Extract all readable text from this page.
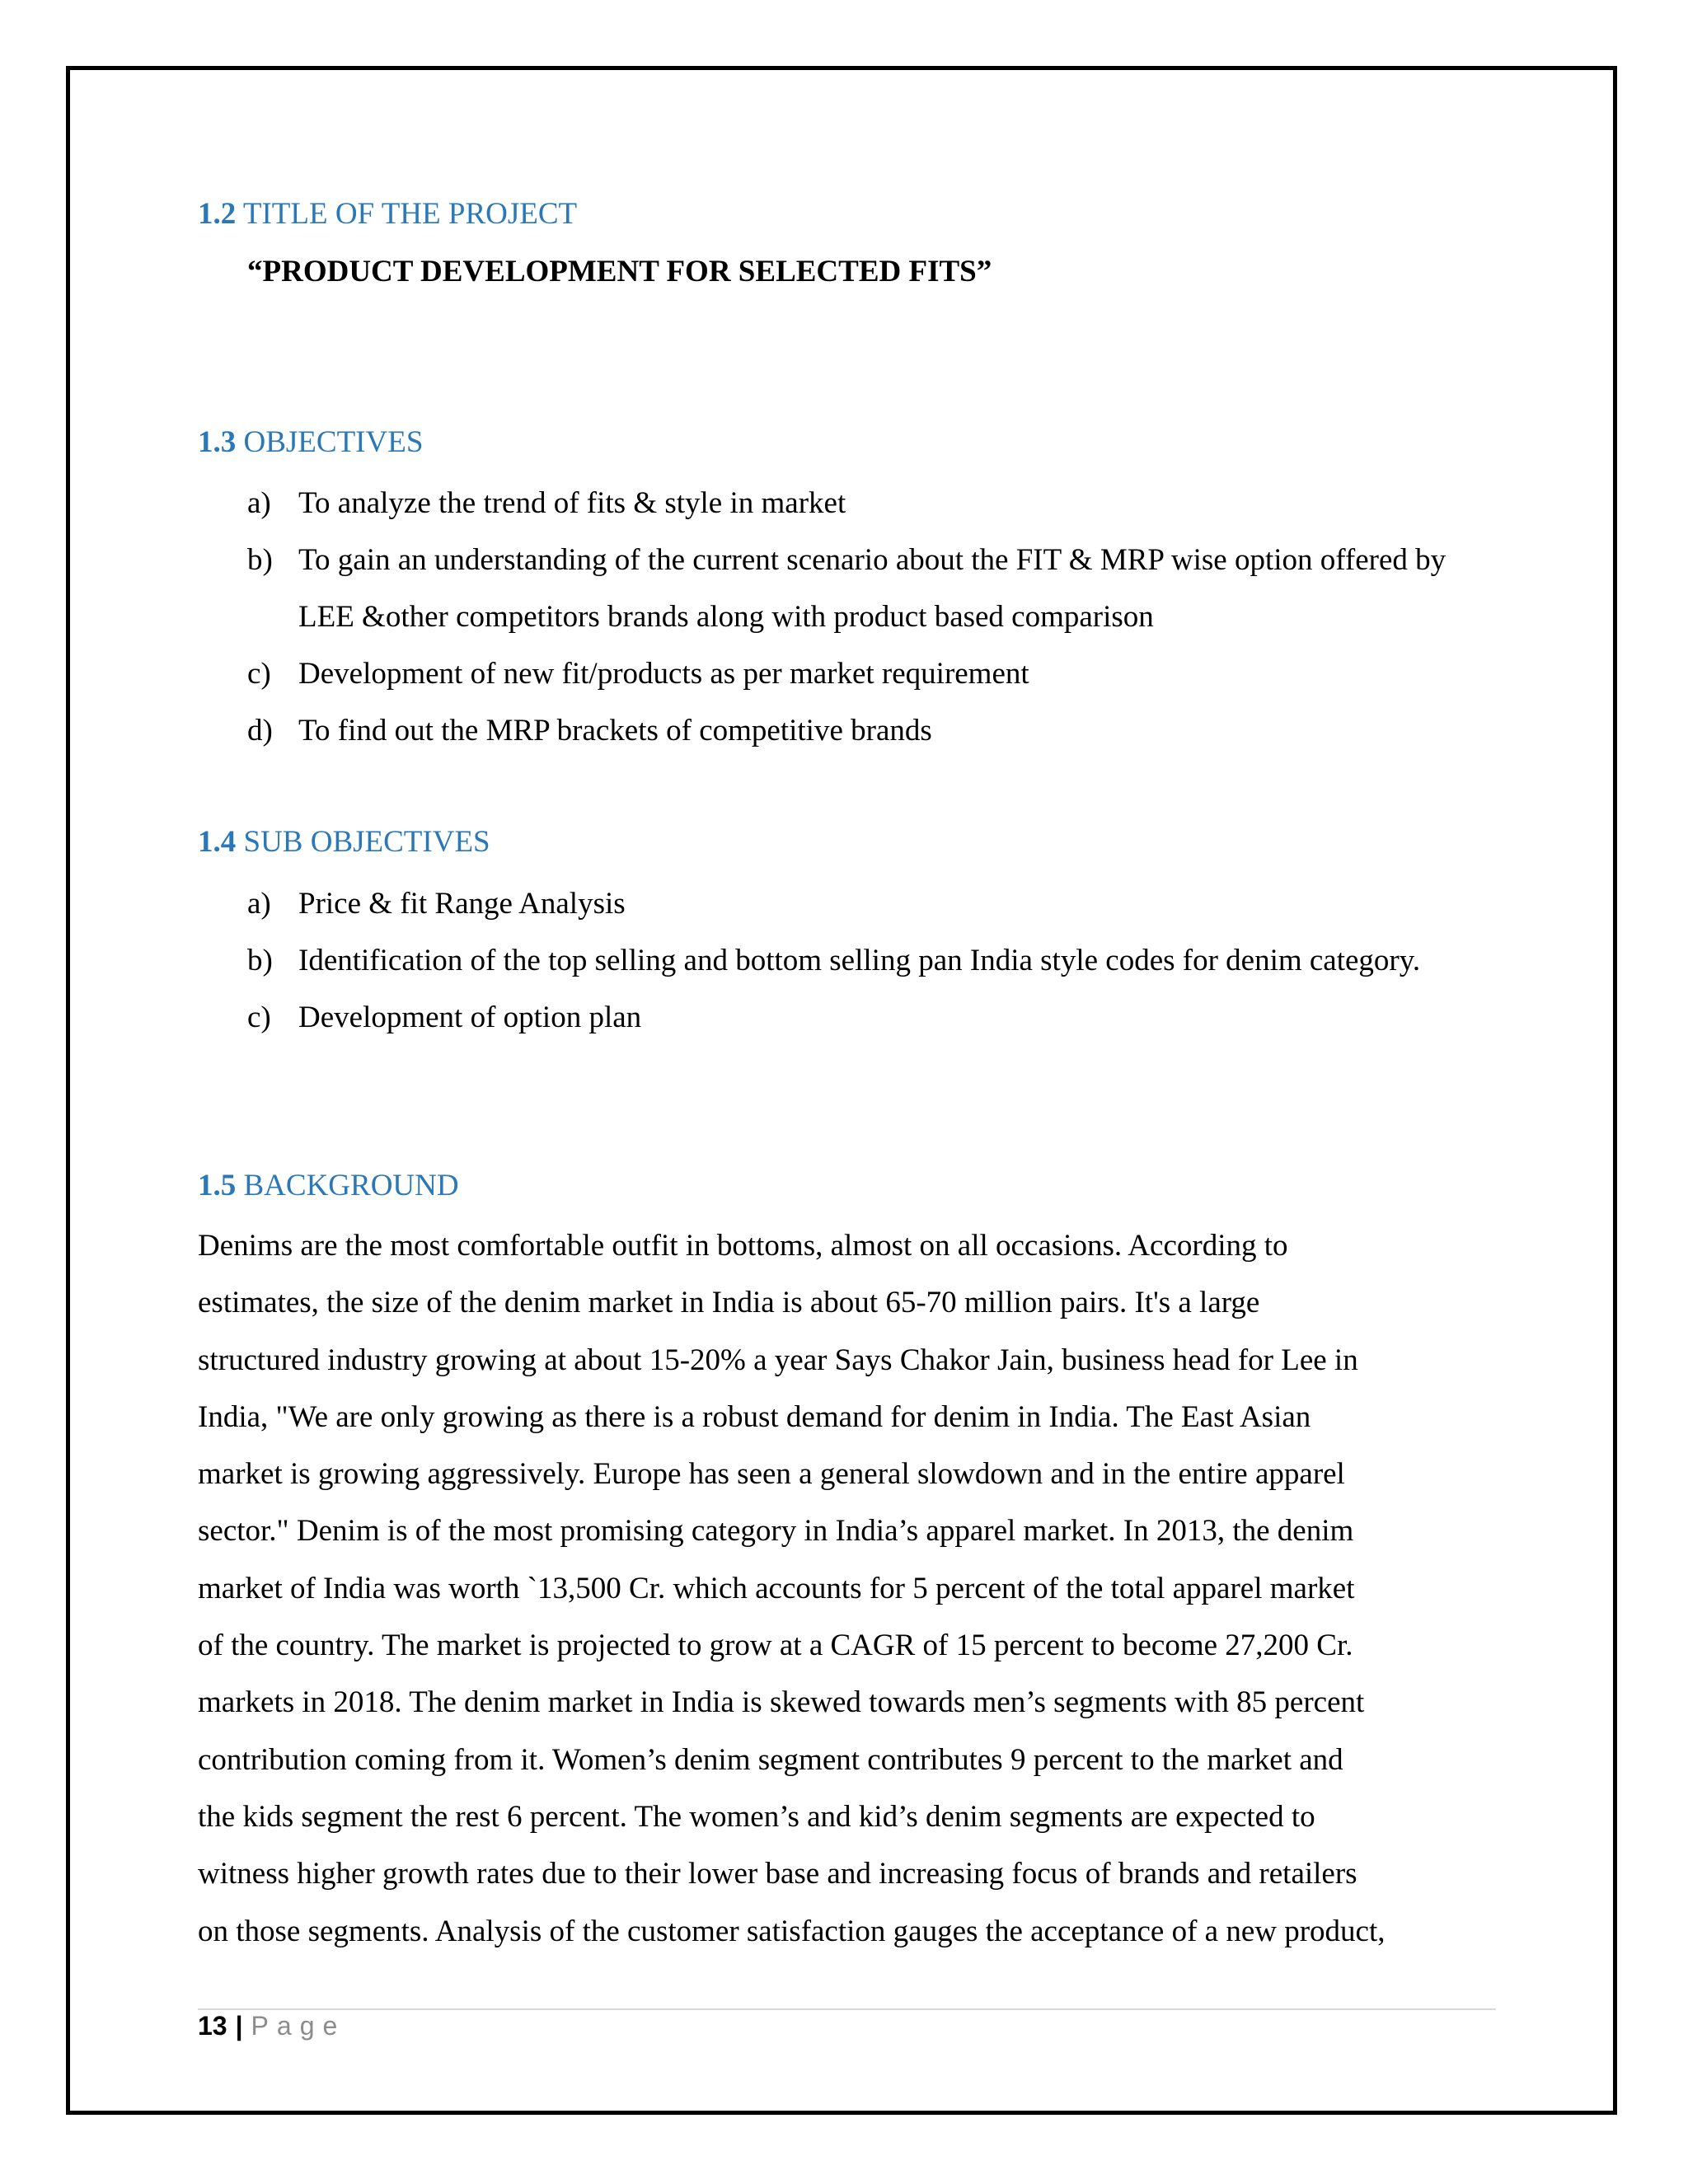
1.2 TITLE OF THE PROJECT
“PRODUCT DEVELOPMENT FOR SELECTED FITS”
1.3 OBJECTIVES
a) To analyze the trend of fits & style in market
b) To gain an understanding of the current scenario about the FIT & MRP wise option offered by LEE &other competitors brands along with product based comparison
c) Development of new fit/products as per market requirement
d) To find out the MRP brackets of competitive brands
1.4 SUB OBJECTIVES
a) Price & fit Range Analysis
b) Identification of the top selling and bottom selling pan India style codes for denim category.
c) Development of option plan
1.5 BACKGROUND

Denims are the most comfortable outfit in bottoms, almost on all occasions. According to
estimates, the size of the denim market in India is about 65-70 million pairs. It's a large
structured industry growing at about 15-20% a year Says Chakor Jain, business head for Lee in
India, "We are only growing as there is a robust demand for denim in India. The East Asian
market is growing aggressively. Europe has seen a general slowdown and in the entire apparel
sector." Denim is of the most promising category in India’s apparel market. In 2013, the denim
market of India was worth `13,500 Cr. which accounts for 5 percent of the total apparel market
of the country. The market is projected to grow at a CAGR of 15 percent to become 27,200 Cr.
markets in 2018. The denim market in India is skewed towards men’s segments with 85 percent
contribution coming from it. Women’s denim segment contributes 9 percent to the market and
the kids segment the rest 6 percent. The women’s and kid’s denim segments are expected to
witness higher growth rates due to their lower base and increasing focus of brands and retailers
on those segments. Analysis of the customer satisfaction gauges the acceptance of a new product,

13 | Page
